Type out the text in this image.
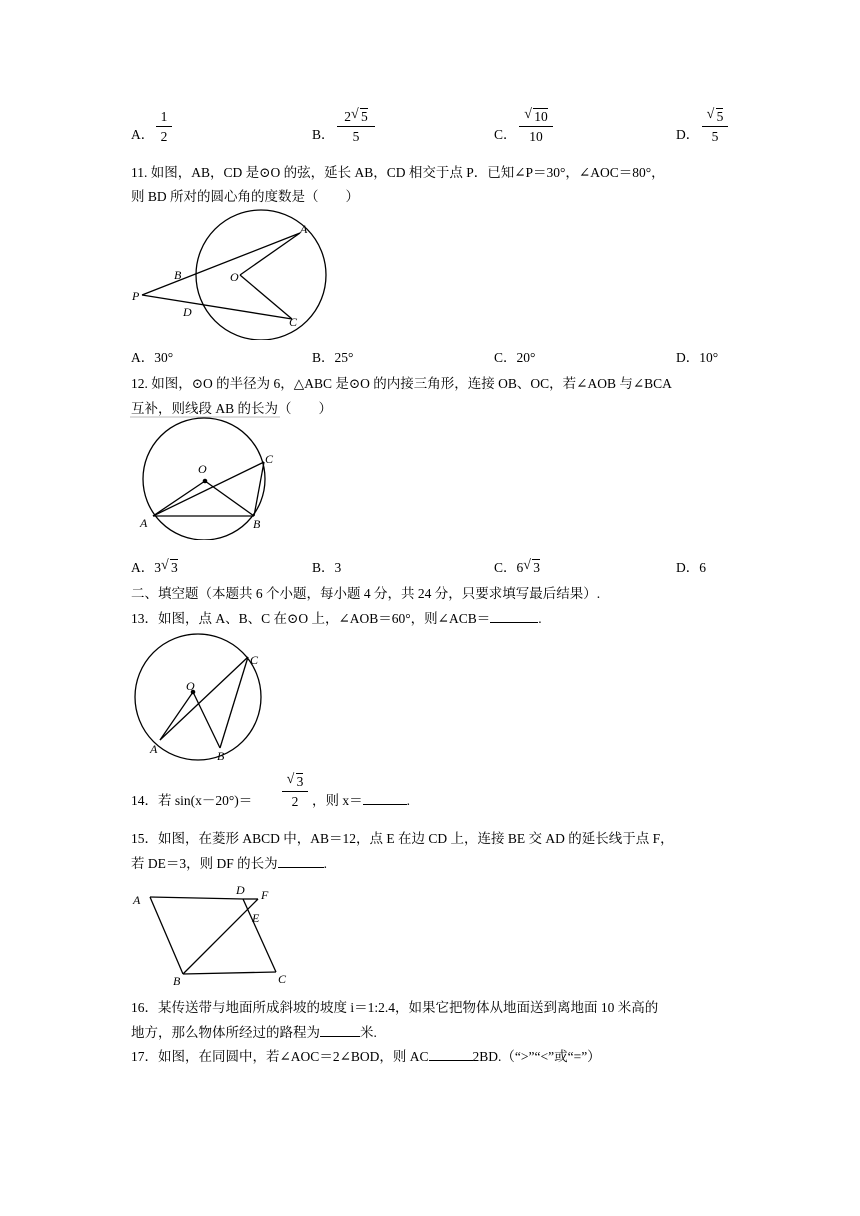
A． $\frac{1}{2}$	B． $\frac{2 √ 5}{5}$	C． $\frac{√ 10}{10}$	D． $\frac{√ 5}{5}$
11. 如图，AB，CD 是⊙O 的弦，延长 AB，CD 相交于点 P．已知∠P＝30°，∠AOC＝80°，
则 BD 所对的圆心角的度数是（　　）
A
B	O
P
D
C
A．30°	B．25°	C．20°	D．10°
12. 如图，⊙O 的半径为 6，△ABC 是⊙O 的内接三角形，连接 OB、OC，若∠AOB 与∠BCA
互补，则线段 AB 的长为（　　）
O
C
A	B
A．3 √ 3	B．3	C．6 √ 3	D．6
二、填空题（本题共 6 个小题，每小题 4 分，共 24 分，只要求填写最后结果）.
13．如图，点 A、B、C 在⊙O 上，∠AOB＝60°，则∠ACB＝	.
C
O
A	B
14．若 $\sin(x-20^\circ)= \frac{√ 3}{2}$ ，则 x＝	.
15．如图，在菱形 ABCD 中，AB＝12，点 E 在边 CD 上，连接 BE 交 AD 的延长线于点 F，
若 DE＝3，则 DF 的长为	.
A
D F
E
B	C
16．某传送带与地面所成斜坡的坡度 i＝1:2.4，如果它把物体从地面送到离地面 10 米高的
地方，那么物体所经过的路程为	米.
17．如图，在同圆中，若∠AOC＝2∠BOD，则 AC	2BD.（“>”“<”或“=”）
